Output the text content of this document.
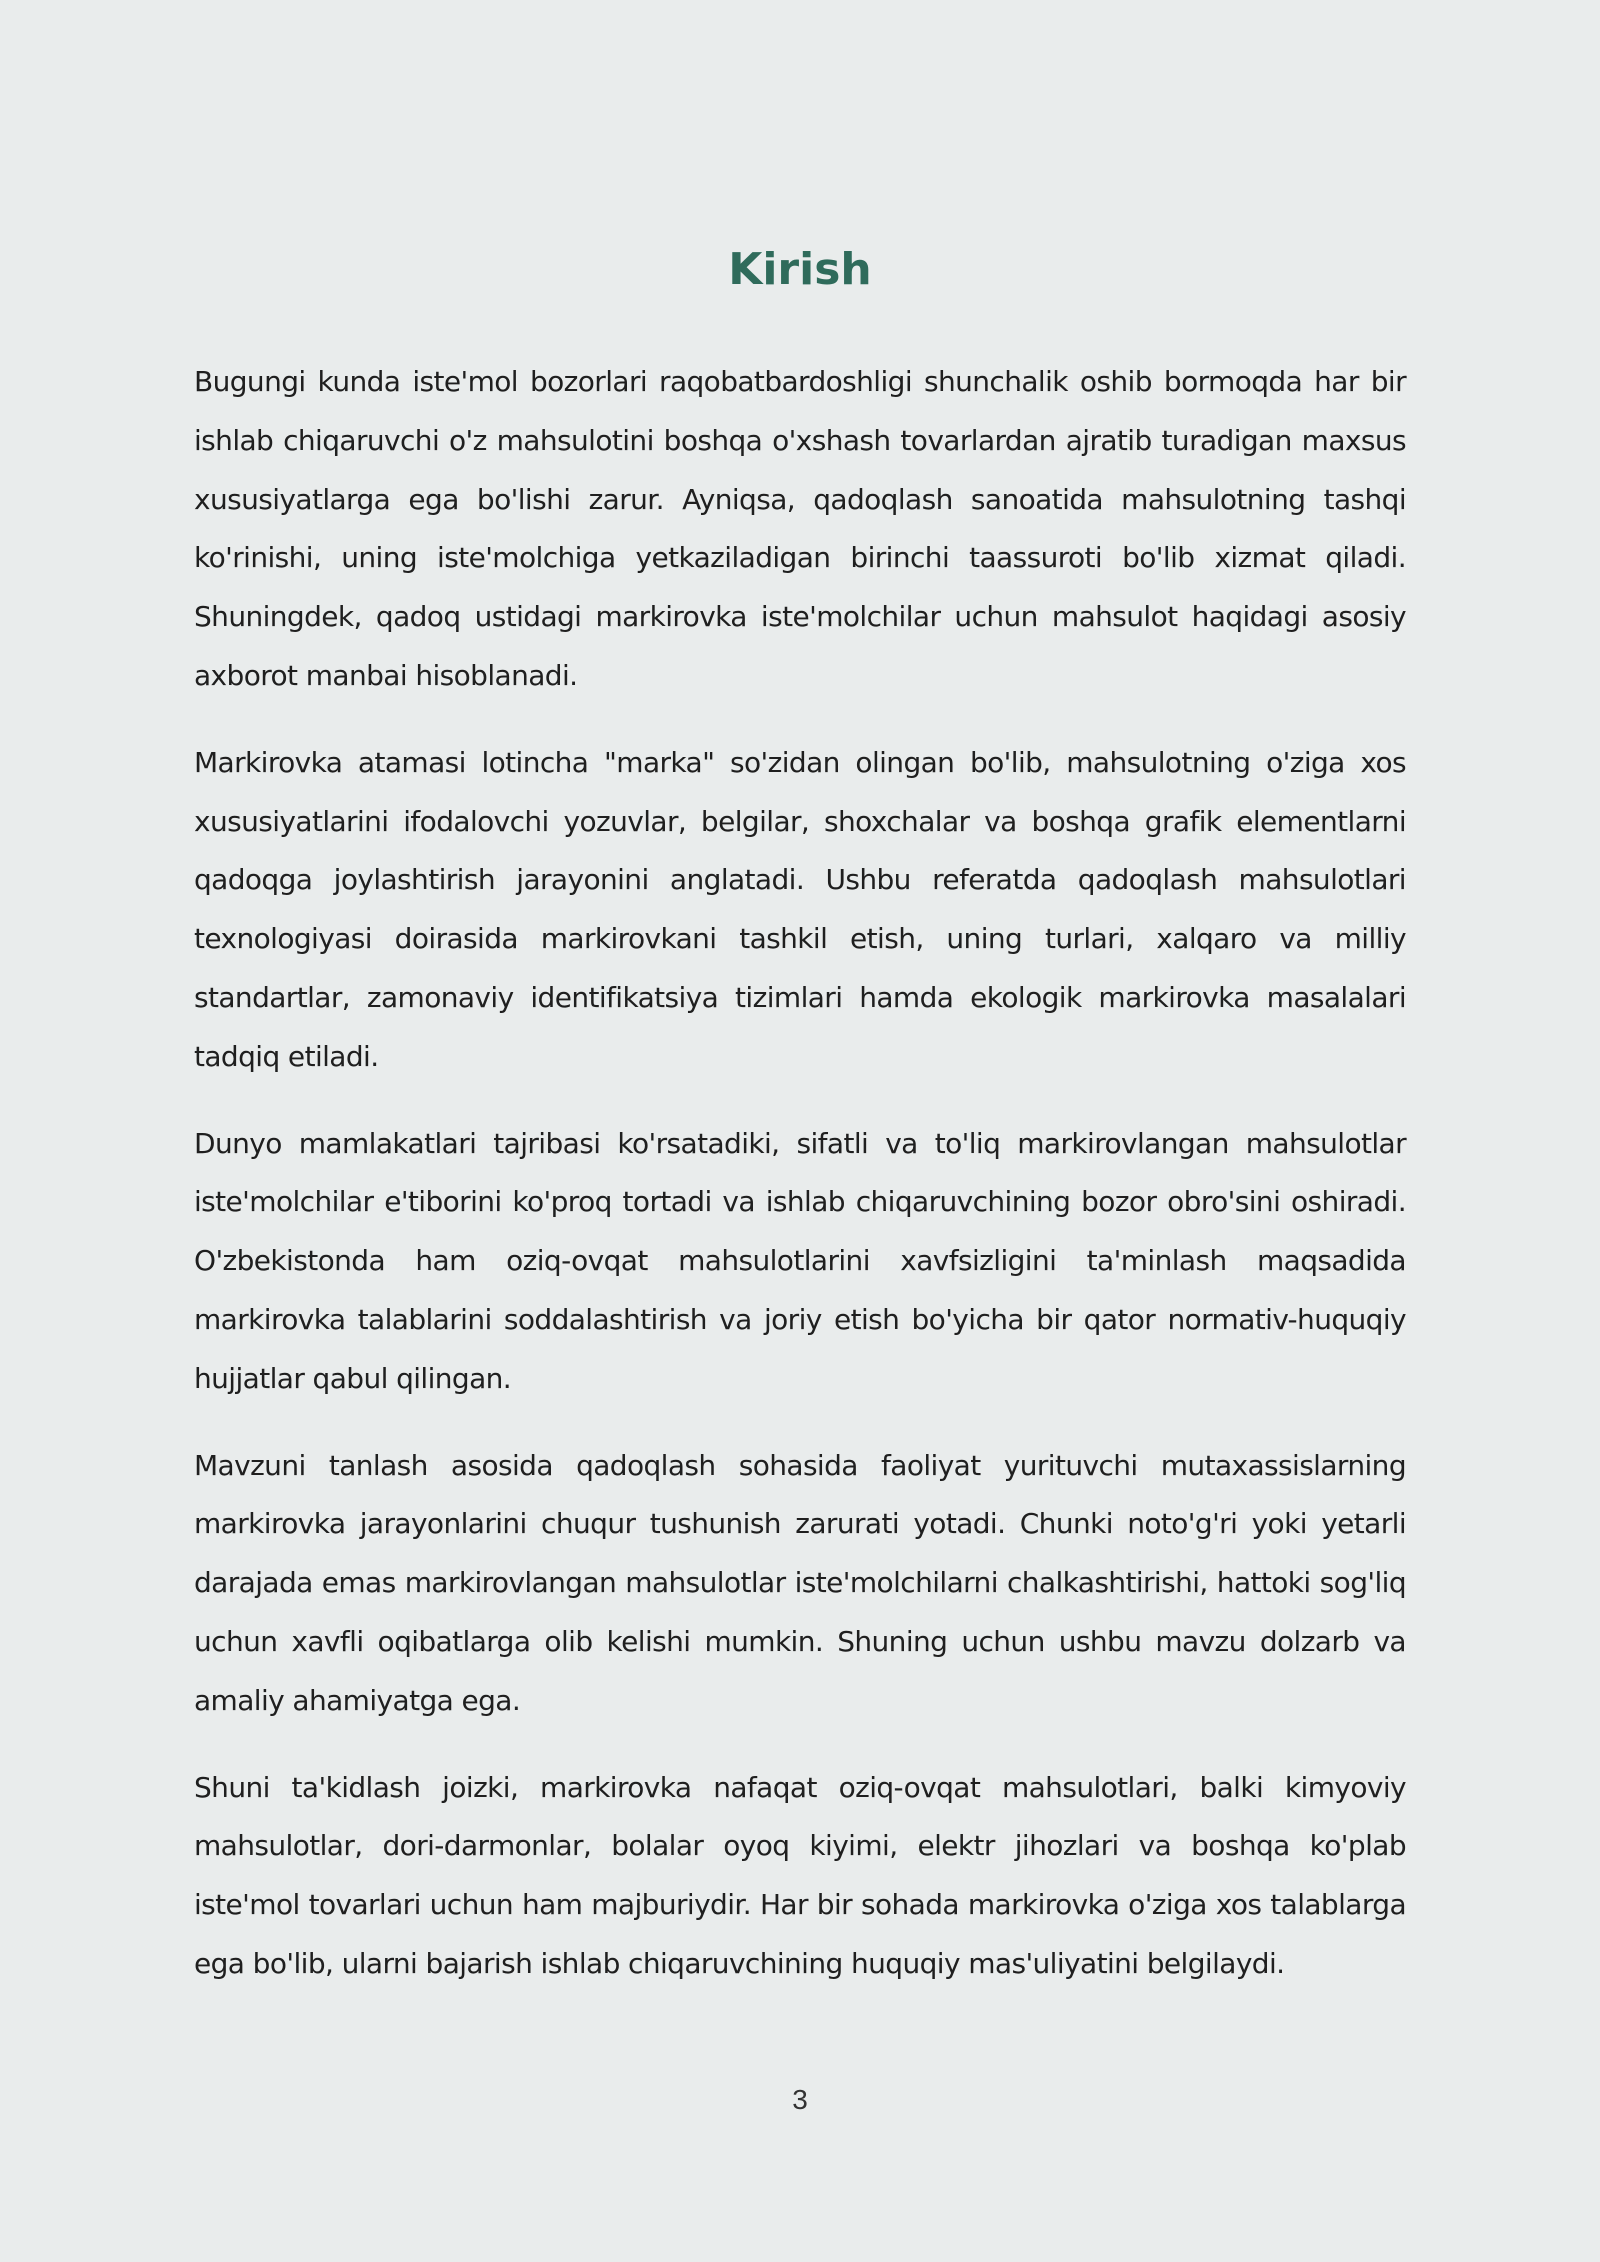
Kirish

Bugungi kunda iste'mol bozorlari raqobatbardoshligi shunchalik oshib bormoqda har bir ishlab chiqaruvchi o'z mahsulotini boshqa o'xshash tovarlardan ajratib turadigan maxsus xususiyatlarga ega bo'lishi zarur. Ayniqsa, qadoqlash sanoatida mahsulotning tashqi ko'rinishi, uning iste'molchiga yetkaziladigan birinchi taassuroti bo'lib xizmat qiladi. Shuningdek, qadoq ustidagi markirovka iste'molchilar uchun mahsulot haqidagi asosiy axborot manbai hisoblanadi.

Markirovka atamasi lotincha "marka" so'zidan olingan bo'lib, mahsulotning o'ziga xos xususiyatlarini ifodalovchi yozuvlar, belgilar, shoxchalar va boshqa grafik elementlarni qadoqga joylashtirish jarayonini anglatadi. Ushbu referatda qadoqlash mahsulotlari texnologiyasi doirasida markirovkani tashkil etish, uning turlari, xalqaro va milliy standartlar, zamonaviy identifikatsiya tizimlari hamda ekologik markirovka masalalari tadqiq etiladi.

Dunyo mamlakatlari tajribasi ko'rsatadiki, sifatli va to'liq markirovlangan mahsulotlar iste'molchilar e'tiborini ko'proq tortadi va ishlab chiqaruvchining bozor obro'sini oshiradi. O'zbekistonda ham oziq-ovqat mahsulotlarini xavfsizligini ta'minlash maqsadida markirovka talablarini soddalashtirish va joriy etish bo'yicha bir qator normativ-huquqiy hujjatlar qabul qilingan.

Mavzuni tanlash asosida qadoqlash sohasida faoliyat yurituvchi mutaxassislarning markirovka jarayonlarini chuqur tushunish zarurati yotadi. Chunki noto'g'ri yoki yetarli darajada emas markirovlangan mahsulotlar iste'molchilarni chalkashtirishi, hattoki sog'liq uchun xavfli oqibatlarga olib kelishi mumkin. Shuning uchun ushbu mavzu dolzarb va amaliy ahamiyatga ega.

Shuni ta'kidlash joizki, markirovka nafaqat oziq-ovqat mahsulotlari, balki kimyoviy mahsulotlar, dori-darmonlar, bolalar oyoq kiyimi, elektr jihozlari va boshqa ko'plab iste'mol tovarlari uchun ham majburiydir. Har bir sohada markirovka o'ziga xos talablarga ega bo'lib, ularni bajarish ishlab chiqaruvchining huquqiy mas'uliyatini belgilaydi.

3
